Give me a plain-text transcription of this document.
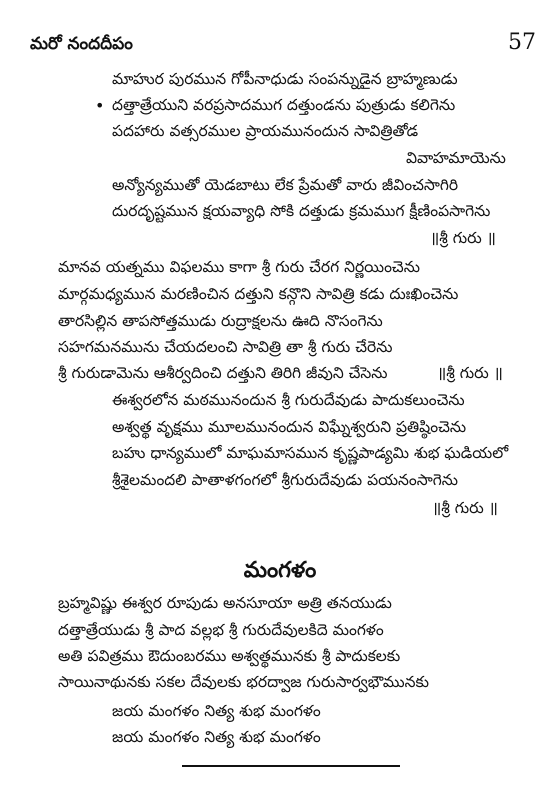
మరో నందదీపం	57
మాహుర పురమున గోపీనాధుడు సంపన్నుడైన బ్రాహ్మణుడు
• దత్తాత్రేయుని వరప్రసాదముగ దత్తుండను పుత్రుడు కలిగెను
పదహారు వత్సరముల ప్రాయమునందున సావిత్రితోడ
వివాహమాయెను
అన్యోన్యముతో యెడబాటు లేక ప్రేమతో వారు జీవించసాగిరి
దురదృష్టమున క్షయవ్యాధి సోకి దత్తుడు క్రమముగ క్షీణింపసాగెను
॥శ్రీ గురు ॥
మానవ యత్నము విఫలము కాగా శ్రీ గురు చేరగ నిర్ణయించెను
మార్గమధ్యమున మరణించిన దత్తుని కన్గొని సావిత్రి కడు దుఃఖించెను
తారసిల్లిన తాపసోత్తముడు రుద్రాక్షలను ఊది నొసంగెను
సహగమనమును చేయదలంచి సావిత్రి తా శ్రీ గురు చేరెను
శ్రీ గురుడామెను ఆశీర్వదించి దత్తుని తిరిగి జీవుని చేసెను	॥శ్రీ గురు ॥
ఈశ్వరలోన మఠమునందున శ్రీ గురుదేవుడు పాదుకలుంచెను
అశ్వత్థ వృక్షము మూలమునందున విఘ్నేశ్వరుని ప్రతిష్ఠించెను
బహు ధాన్యములో మాఘమాసమున కృష్ణపాడ్యమి శుభ ఘడియలో
శ్రీశైలమందలి పాతాళగంగలో శ్రీగురుదేవుడు పయనంసాగెను
॥శ్రీ గురు ॥
మంగళం
బ్రహ్మవిష్ణు ఈశ్వర రూపుడు అనసూయా అత్రి తనయుడు
దత్తాత్రేయుడు శ్రీ పాద వల్లభ శ్రీ గురుదేవులకిదె మంగళం
అతి పవిత్రము ఔదుంబరము అశ్వత్థమునకు శ్రీ పాదుకలకు
సాయినాథునకు సకల దేవులకు భరద్వాజ గురుసార్వభౌమునకు
జయ మంగళం నిత్య శుభ మంగళం
జయ మంగళం నిత్య శుభ మంగళం
